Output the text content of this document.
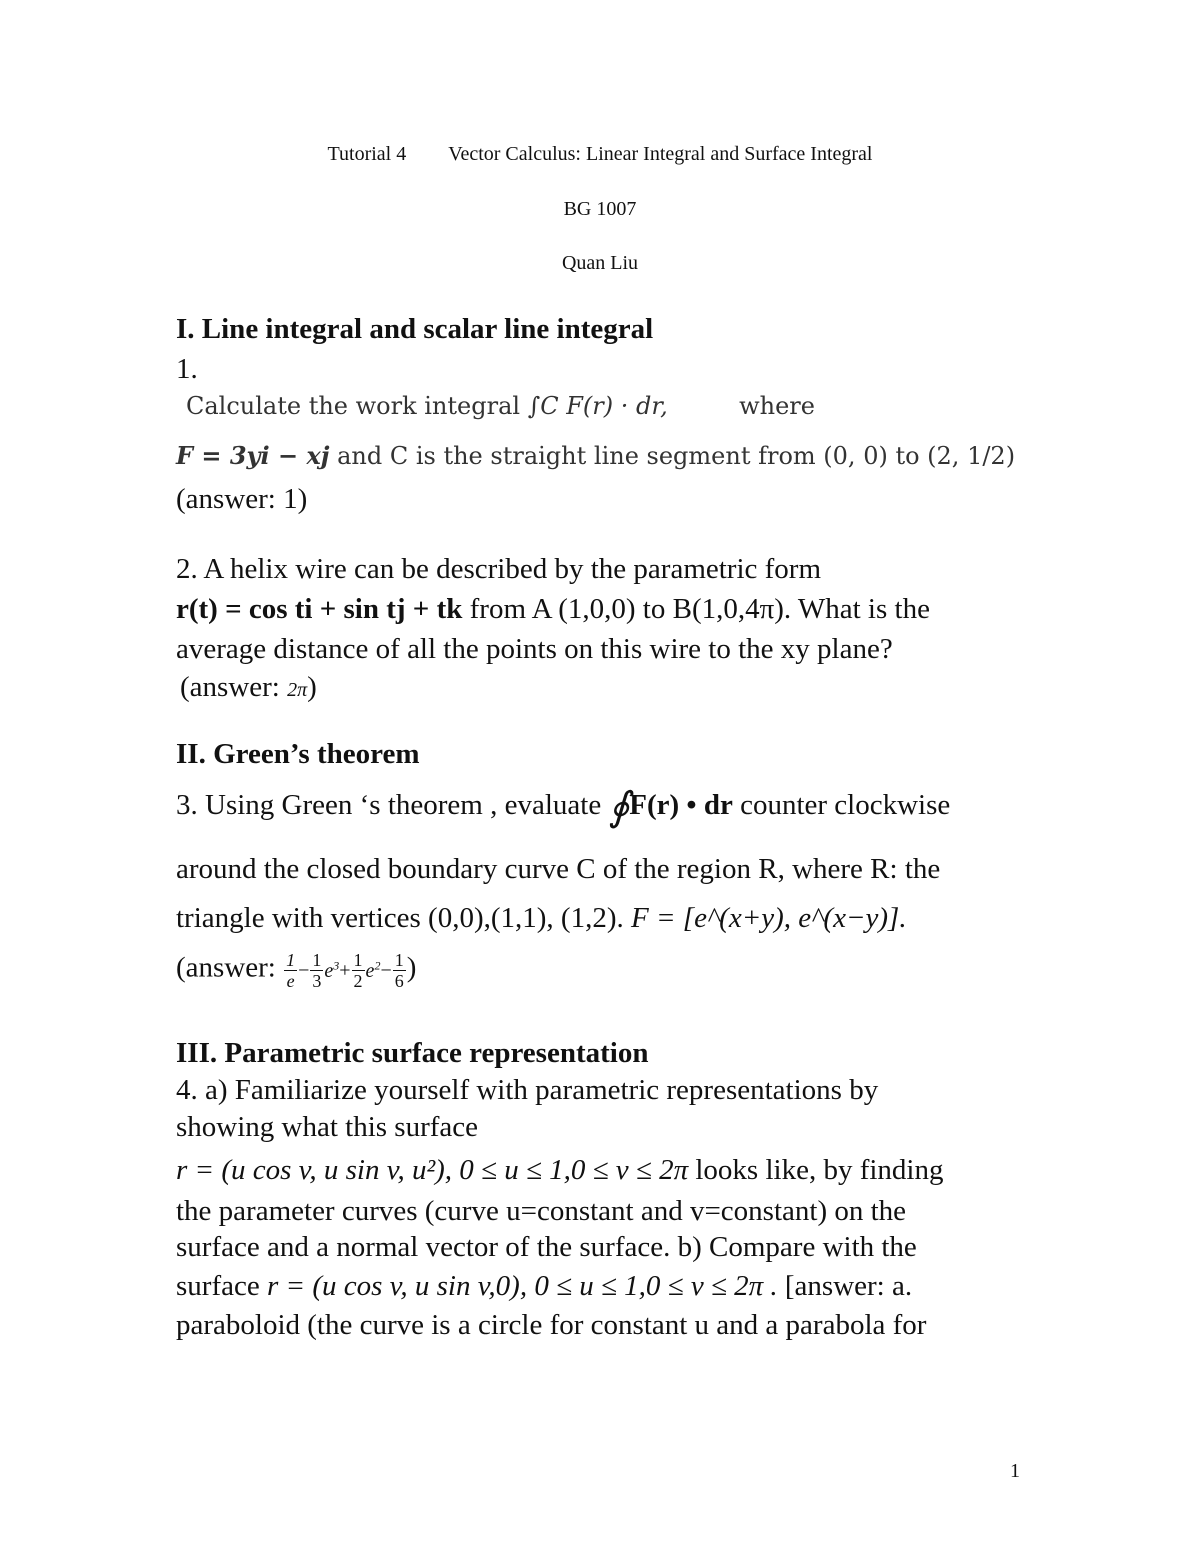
Tutorial 4 Vector Calculus: Linear Integral and Surface Integral
BG 1007
Quan Liu
I. Line integral and scalar line integral
1.
Calculate the work integral ∫C F(r) · dr,	where
F = 3yi − xj and C is the straight line segment from (0, 0) to (2, 1/2)
(answer: 1)
2. A helix wire can be described by the parametric form
r(t) = cos ti + sin tj + tk from A (1,0,0) to B(1,0,4π). What is the
average distance of all the points on this wire to the xy plane?
(answer: 2π)
II. Green’s theorem
3. Using Green ‘s theorem , evaluate ∮F(r) • dr counter clockwise
around the closed boundary curve C of the region R, where R: the
triangle with vertices (0,0),(1,1), (1,2). F = [e^(x+y), e^(x−y)].
(answer: $\frac{1}{e} - \frac{1}{3} e^3+ \frac{1}{2} e^2- \frac{1}{6}$ )
III. Parametric surface representation
4. a) Familiarize yourself with parametric representations by
showing what this surface
r = (u cos v, u sin v, u²), 0 ≤ u ≤ 1,0 ≤ v ≤ 2π looks like, by finding
the parameter curves (curve u=constant and v=constant) on the
surface and a normal vector of the surface. b) Compare with the
surface r = (u cos v, u sin v,0), 0 ≤ u ≤ 1,0 ≤ v ≤ 2π . [answer: a.
paraboloid (the curve is a circle for constant u and a parabola for
1
